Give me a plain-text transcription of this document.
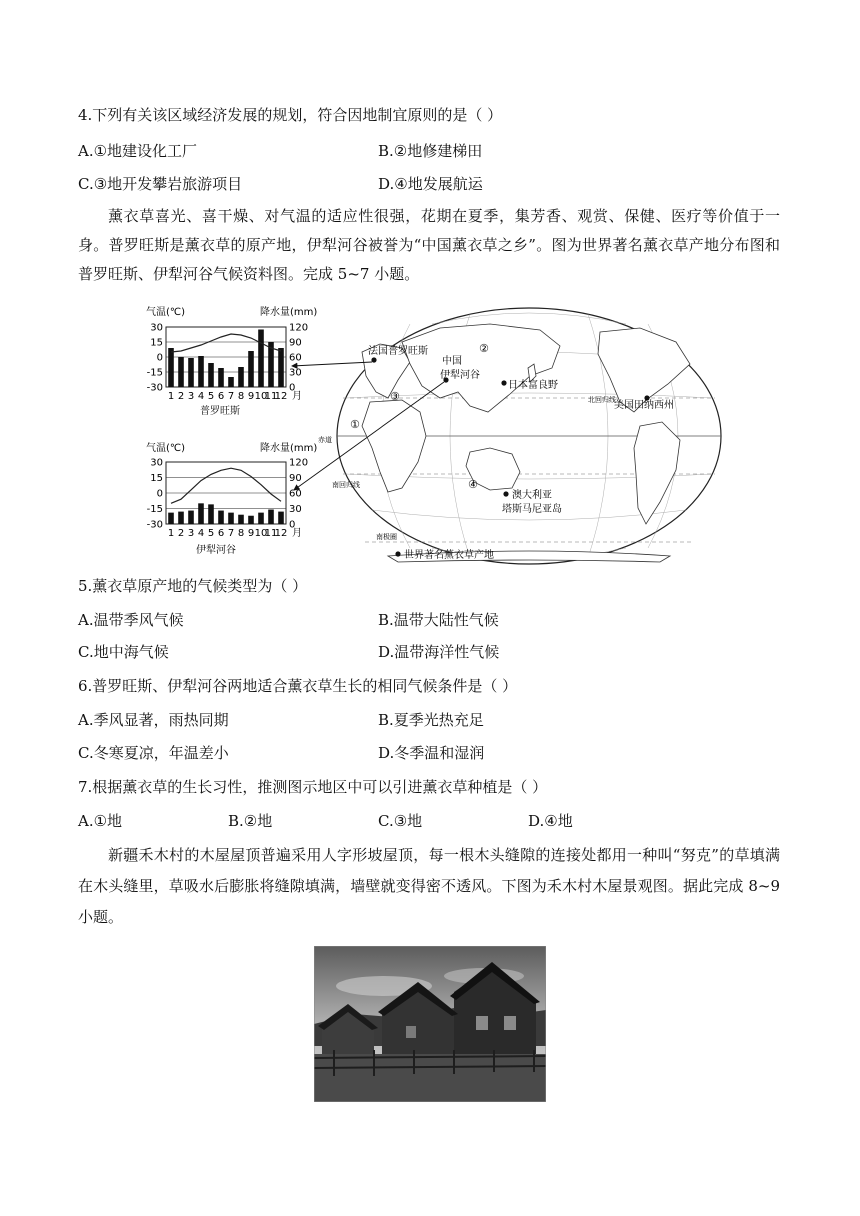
4.下列有关该区域经济发展的规划，符合因地制宜原则的是（ ）
A.①地建设化工厂	B.②地修建梯田
C.③地开发攀岩旅游项目	D.④地发展航运
薰衣草喜光、喜干燥、对气温的适应性很强，花期在夏季，集芳香、观赏、保健、医疗等价值于一身。普罗旺斯是薰衣草的原产地，伊犁河谷被誉为“中国薰衣草之乡”。图为世界著名薰衣草产地分布图和普罗旺斯、伊犁河谷气候资料图。完成 5~7 小题。
气温(℃)	降水量(mm)
30
15
0
-15
-30
120
90
60
30
0
1 2 3 4 5 6 7 8 9 10
11
12 月
普罗旺斯
气温(℃)	降水量(mm)
30
15
0
-15
-30
120
90
60
30
0
1 2 3 4 5 6 7 8 9 10
11
12 月
伊犁河谷
②
③
①
④
法国普罗旺斯
中国
伊犁河谷
日本富良野
美国田纳西州
北回归线
赤道
南回归线
南极圈
澳大利亚
塔斯马尼亚岛
世界著名薰衣草产地
5.薰衣草原产地的气候类型为（ ）
A.温带季风气候	B.温带大陆性气候
C.地中海气候	D.温带海洋性气候
6.普罗旺斯、伊犁河谷两地适合薰衣草生长的相同气候条件是（ ）
A.季风显著，雨热同期	B.夏季光热充足
C.冬寒夏凉，年温差小	D.冬季温和湿润
7.根据薰衣草的生长习性，推测图示地区中可以引进薰衣草种植是（ ）
A.①地	B.②地	C.③地	D.④地
新疆禾木村的木屋屋顶普遍采用人字形坡屋顶，每一根木头缝隙的连接处都用一种叫“努克”的草填满在木头缝里，草吸水后膨胀将缝隙填满，墙壁就变得密不透风。下图为禾木村木屋景观图。据此完成 8~9 小题。
